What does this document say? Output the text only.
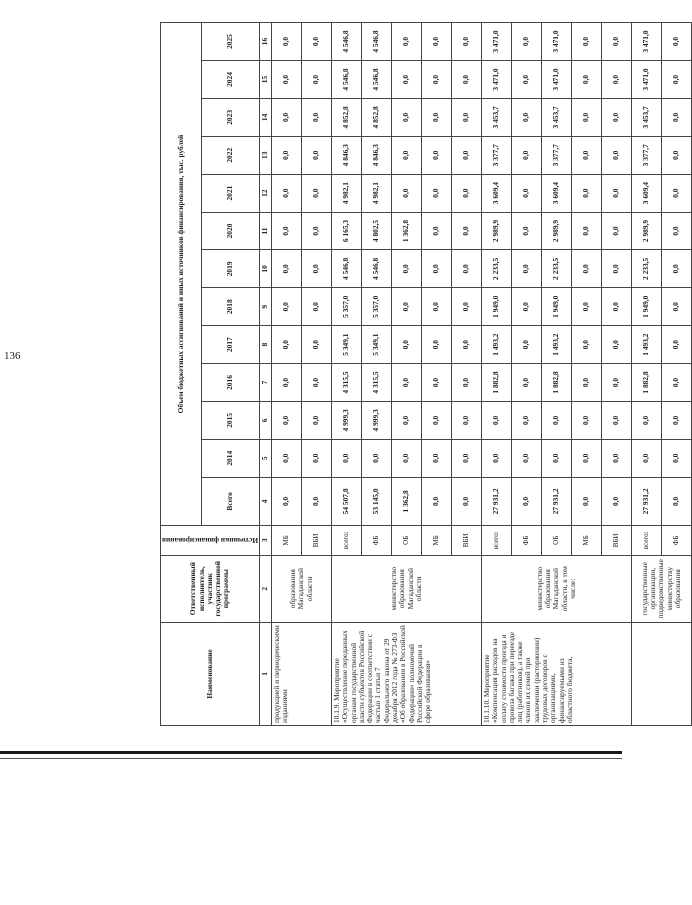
136
Наименование	Ответственный исполнитель, участник государственной программы	Источники финансирования	Объем бюджетных ассигнований и иных источников финансирования, тыс. рублей												
			Всего	2014	2015	2016	2017	2018	2019	2020	2021	2022	2023	2024	2025
1	2	3	4	5	6	7	8	9	10	11	12	13	14	15	16
продукцией и периодическими изданиями	образования Магаданской области	МБ	0,0	0,0	0,0	0,0	0,0	0,0	0,0	0,0	0,0	0,0	0,0	0,0	0,0
		ВБИ	0,0	0,0	0,0	0,0	0,0	0,0	0,0	0,0	0,0	0,0	0,0	0,0	0,0
10.1.9. Мероприятие «Осуществление переданных органам государственной власти субъектов Российской Федерации в соответствии с частью 1 статьи 7 Федерального закона от 29 декабря 2012 года № 273-ФЗ «Об образовании в Российской Федерации» полномочий Российской Федерации в сфере образования»	министерство образования Магаданской области	всего:	54 507,8	0,0	4 999,3	4 315,5	5 349,1	5 357,0	4 546,8	6 165,3	4 982,1	4 846,3	4 852,8	4 546,8	4 546,8
		ФБ	53 145,0	0,0	4 999,3	4 315,5	5 349,1	5 357,0	4 546,8	4 802,5	4 982,1	4 846,3	4 852,8	4 546,8	4 546,8
		ОБ	1 362,8	0,0	0,0	0,0	0,0	0,0	0,0	1 362,8	0,0	0,0	0,0	0,0	0,0
		МБ	0,0	0,0	0,0	0,0	0,0	0,0	0,0	0,0	0,0	0,0	0,0	0,0	0,0
		ВБИ	0,0	0,0	0,0	0,0	0,0	0,0	0,0	0,0	0,0	0,0	0,0	0,0	0,0
10.1.10. Мероприятие «Компенсация расходов на оплату стоимости проезда и провоза багажа при переезде лиц (работников), а также членов их семей при заключении (расторжении) трудовых договоров с организациями, финансируемыми из областного бюджета,	министерство образования Магаданской области, в том числе:	всего:	27 931,2	0,0	0,0	1 882,8	1 493,2	1 949,0	2 233,5	2 989,9	3 609,4	3 377,7	3 453,7	3 471,0	3 471,0
		ФБ	0,0	0,0	0,0	0,0	0,0	0,0	0,0	0,0	0,0	0,0	0,0	0,0	0,0
		ОБ	27 931,2	0,0	0,0	1 882,8	1 493,2	1 949,0	2 233,5	2 989,9	3 609,4	3 377,7	3 453,7	3 471,0	3 471,0
		МБ	0,0	0,0	0,0	0,0	0,0	0,0	0,0	0,0	0,0	0,0	0,0	0,0	0,0
		ВБИ	0,0	0,0	0,0	0,0	0,0	0,0	0,0	0,0	0,0	0,0	0,0	0,0	0,0
	государственные организации, подведомственные министерству образования	всего:	27 931,2	0,0	0,0	1 882,8	1 493,2	1 949,0	2 233,5	2 989,9	3 609,4	3 377,7	3 453,7	3 471,0	3 471,0
		ФБ	0,0	0,0	0,0	0,0	0,0	0,0	0,0	0,0	0,0	0,0	0,0	0,0	0,0
